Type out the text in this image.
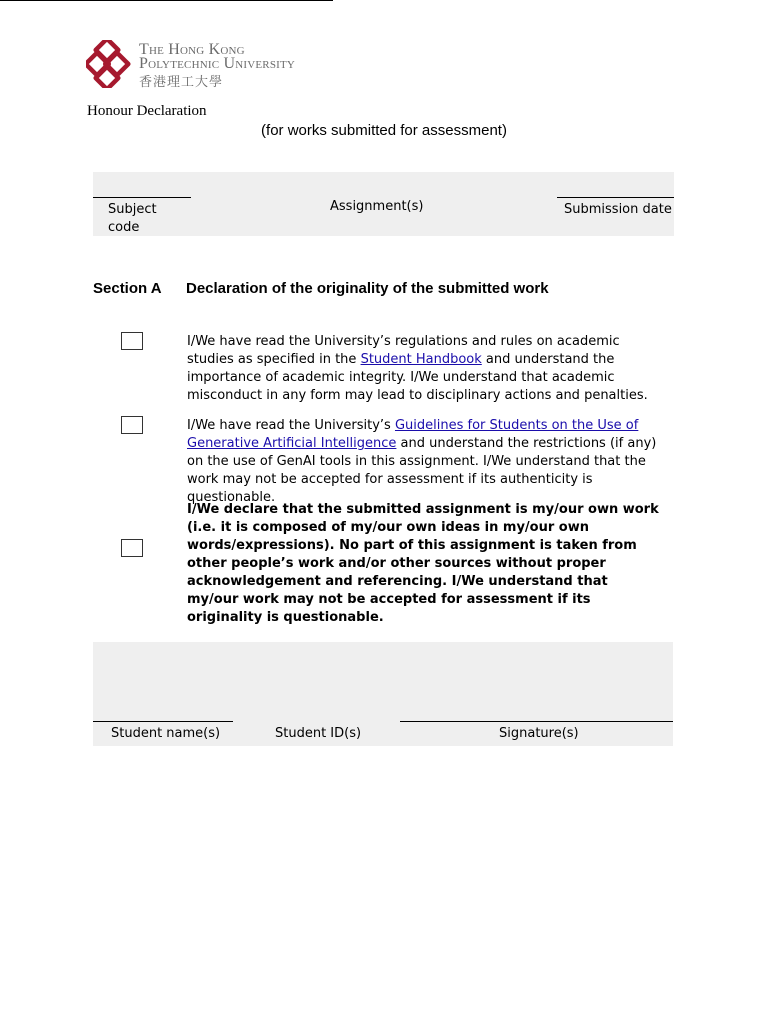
The Hong Kong
Polytechnic University
香港理工大學
Honour Declaration
(for works submitted for assessment)
Subject code
Assignment(s)	Submission date
Section A Declaration of the originality of the submitted work
I/We have read the University’s regulations and rules on academic studies as specified in the Student Handbook and understand the importance of academic integrity. I/We understand that academic misconduct in any form may lead to disciplinary actions and penalties.
I/We have read the University’s Guidelines for Students on the Use of Generative Artificial Intelligence and understand the restrictions (if any) on the use of GenAI tools in this assignment. I/We understand that the work may not be accepted for assessment if its authenticity is questionable.
I/We declare that the submitted assignment is my/our own work (i.e. it is composed of my/our own ideas in my/our own words/expressions). No part of this assignment is taken from other people’s work and/or other sources without proper acknowledgement and referencing. I/We understand that my/our work may not be accepted for assessment if its originality is questionable.
Student name(s)	Student ID(s)	Signature(s)
